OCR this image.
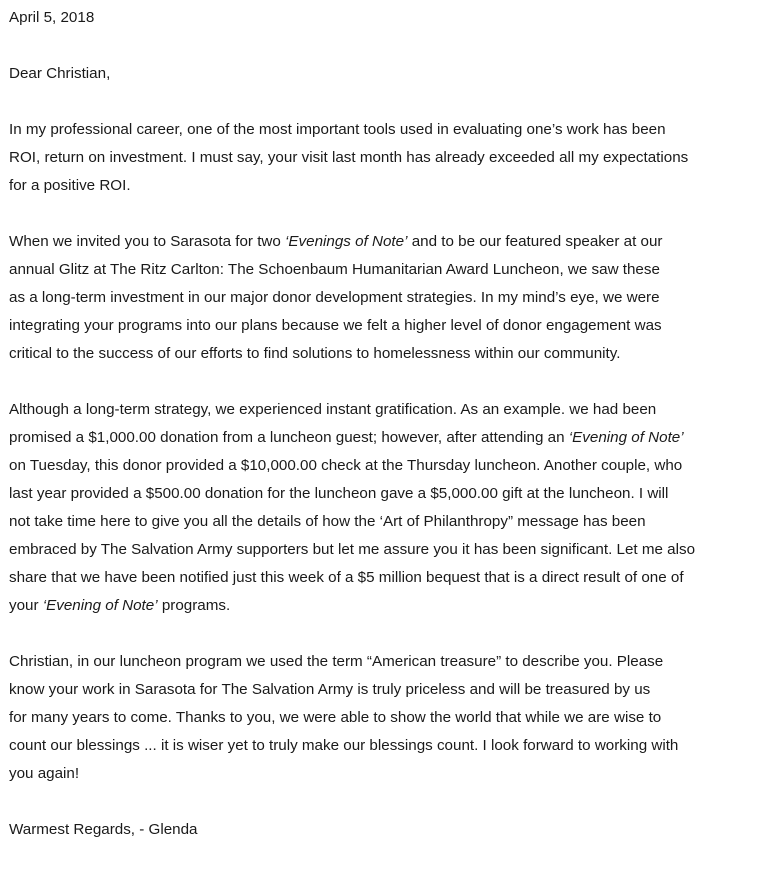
April 5, 2018
Dear Christian,
In my professional career, one of the most important tools used in evaluating one’s work has been
ROI, return on investment. I must say, your visit last month has already exceeded all my expectations
for a positive ROI.
When we invited you to Sarasota for two ‘Evenings of Note’ and to be our featured speaker at our
annual Glitz at The Ritz Carlton: The Schoenbaum Humanitarian Award Luncheon, we saw these
as a long-term investment in our major donor development strategies. In my mind’s eye, we were
integrating your programs into our plans because we felt a higher level of donor engagement was
critical to the success of our efforts to find solutions to homelessness within our community.
Although a long-term strategy, we experienced instant gratification. As an example. we had been
promised a $1,000.00 donation from a luncheon guest; however, after attending an ‘Evening of Note’
on Tuesday, this donor provided a $10,000.00 check at the Thursday luncheon. Another couple, who
last year provided a $500.00 donation for the luncheon gave a $5,000.00 gift at the luncheon. I will
not take time here to give you all the details of how the ‘Art of Philanthropy” message has been
embraced by The Salvation Army supporters but let me assure you it has been significant. Let me also
share that we have been notified just this week of a $5 million bequest that is a direct result of one of
your ‘Evening of Note’ programs.
Christian, in our luncheon program we used the term “American treasure” to describe you. Please
know your work in Sarasota for The Salvation Army is truly priceless and will be treasured by us
for many years to come. Thanks to you, we were able to show the world that while we are wise to
count our blessings ... it is wiser yet to truly make our blessings count. I look forward to working with
you again!
Warmest Regards, - Glenda
